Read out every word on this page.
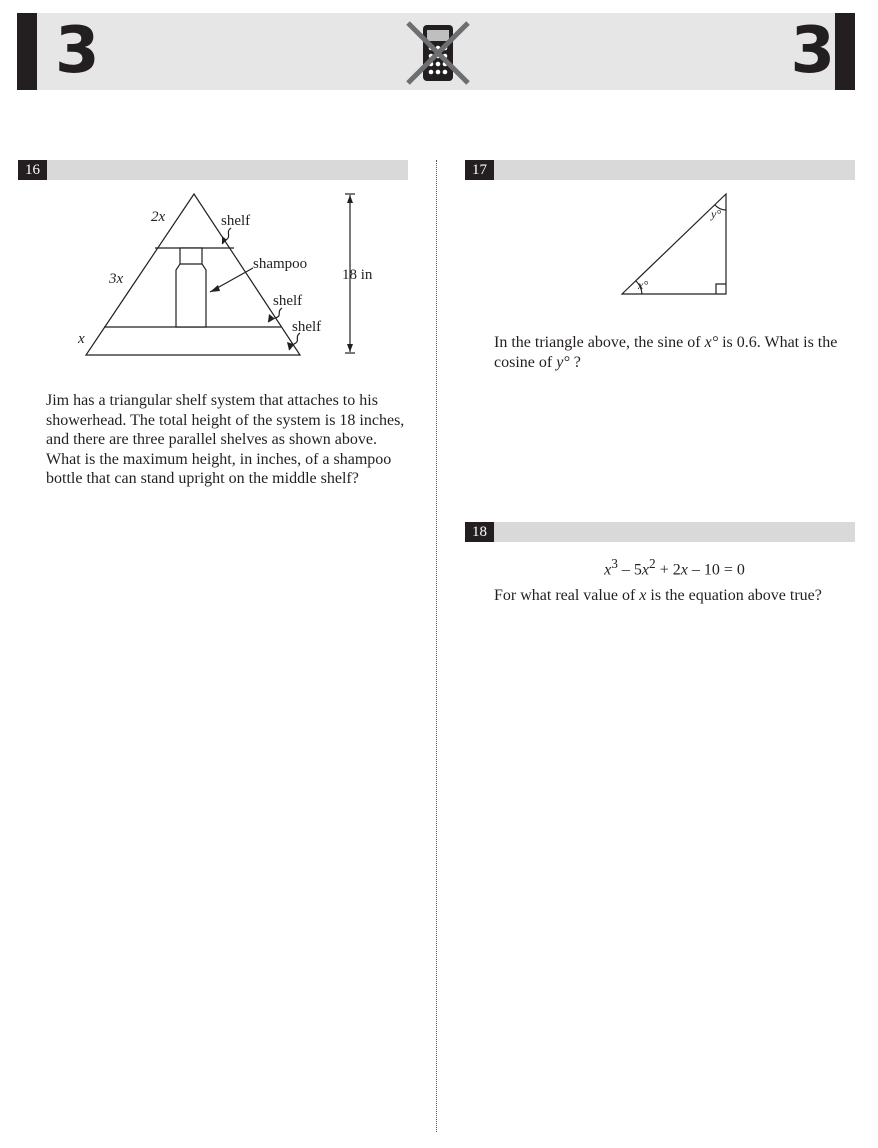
3	3
16
2x
3x
x
shelf
shampoo
shelf
shelf
18 in
Jim has a triangular shelf system that attaches to his showerhead. The total height of the system is 18 inches, and there are three parallel shelves as shown above. What is the maximum height, in inches, of a shampoo bottle that can stand upright on the middle shelf?
17
x°
y°
In the triangle above, the sine of x° is 0.6. What is the cosine of y° ?
18
$x^3 - 5x^2 + 2x - 10 = 0$
For what real value of x is the equation above true?
